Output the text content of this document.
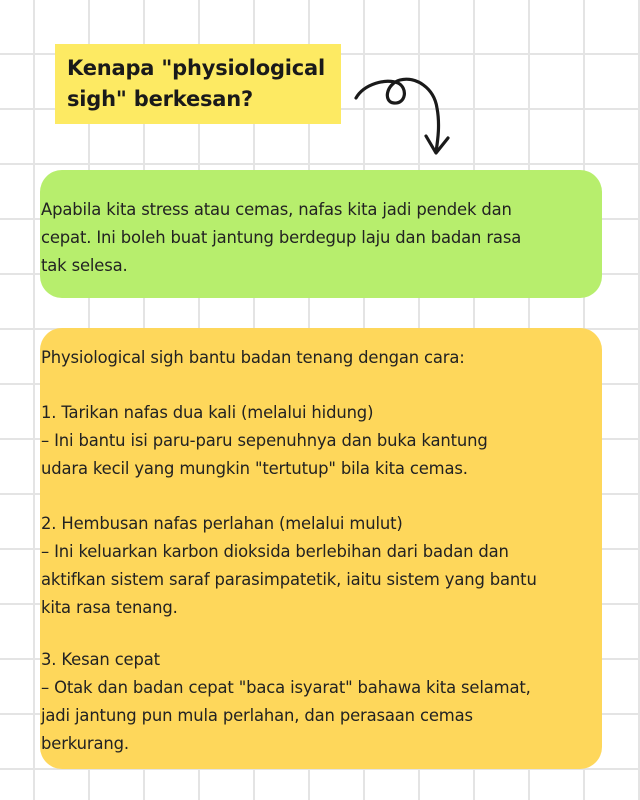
Kenapa "physiological
sigh" berkesan?

Apabila kita stress atau cemas, nafas kita jadi pendek dan

cepat. Ini boleh buat jantung berdegup laju dan badan rasa

tak selesa.

Physiological sigh bantu badan tenang dengan cara:

1. Tarikan nafas dua kali (melalui hidung)

– Ini bantu isi paru-paru sepenuhnya dan buka kantung

udara kecil yang mungkin "tertutup" bila kita cemas.

2. Hembusan nafas perlahan (melalui mulut)

– Ini keluarkan karbon dioksida berlebihan dari badan dan

aktifkan sistem saraf parasimpatetik, iaitu sistem yang bantu

kita rasa tenang.

3. Kesan cepat

– Otak dan badan cepat "baca isyarat" bahawa kita selamat,

jadi jantung pun mula perlahan, dan perasaan cemas

berkurang.
